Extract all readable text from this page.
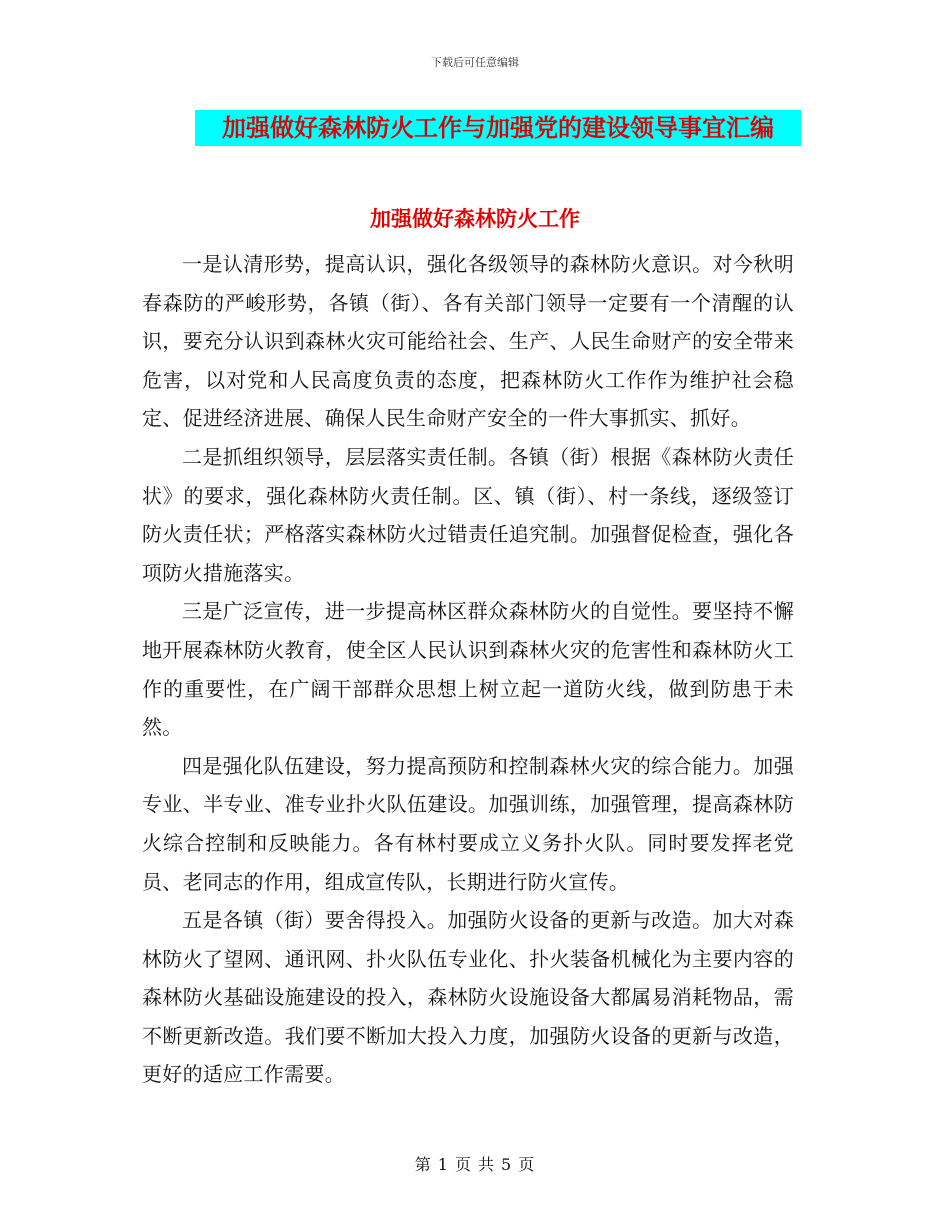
下载后可任意编辑
加强做好森林防火工作与加强党的建设领导事宜汇编
加强做好森林防火工作

一是认清形势，提高认识，强化各级领导的森林防火意识。对今秋明春森防的严峻形势，各镇（街）、各有关部门领导一定要有一个清醒的认识，要充分认识到森林火灾可能给社会、生产、人民生命财产的安全带来危害，以对党和人民高度负责的态度，把森林防火工作作为维护社会稳定、促进经济进展、确保人民生命财产安全的一件大事抓实、抓好。

二是抓组织领导，层层落实责任制。各镇（街）根据《森林防火责任状》的要求，强化森林防火责任制。区、镇（街）、村一条线，逐级签订防火责任状；严格落实森林防火过错责任追究制。加强督促检查，强化各项防火措施落实。

三是广泛宣传，进一步提高林区群众森林防火的自觉性。要坚持不懈地开展森林防火教育，使全区人民认识到森林火灾的危害性和森林防火工作的重要性，在广阔干部群众思想上树立起一道防火线，做到防患于未然。

四是强化队伍建设，努力提高预防和控制森林火灾的综合能力。加强专业、半专业、准专业扑火队伍建设。加强训练，加强管理，提高森林防火综合控制和反映能力。各有林村要成立义务扑火队。同时要发挥老党员、老同志的作用，组成宣传队，长期进行防火宣传。

五是各镇（街）要舍得投入。加强防火设备的更新与改造。加大对森林防火了望网、通讯网、扑火队伍专业化、扑火装备机械化为主要内容的森林防火基础设施建设的投入，森林防火设施设备大都属易消耗物品，需不断更新改造。我们要不断加大投入力度，加强防火设备的更新与改造，更好的适应工作需要。

第 1 页 共 5 页
